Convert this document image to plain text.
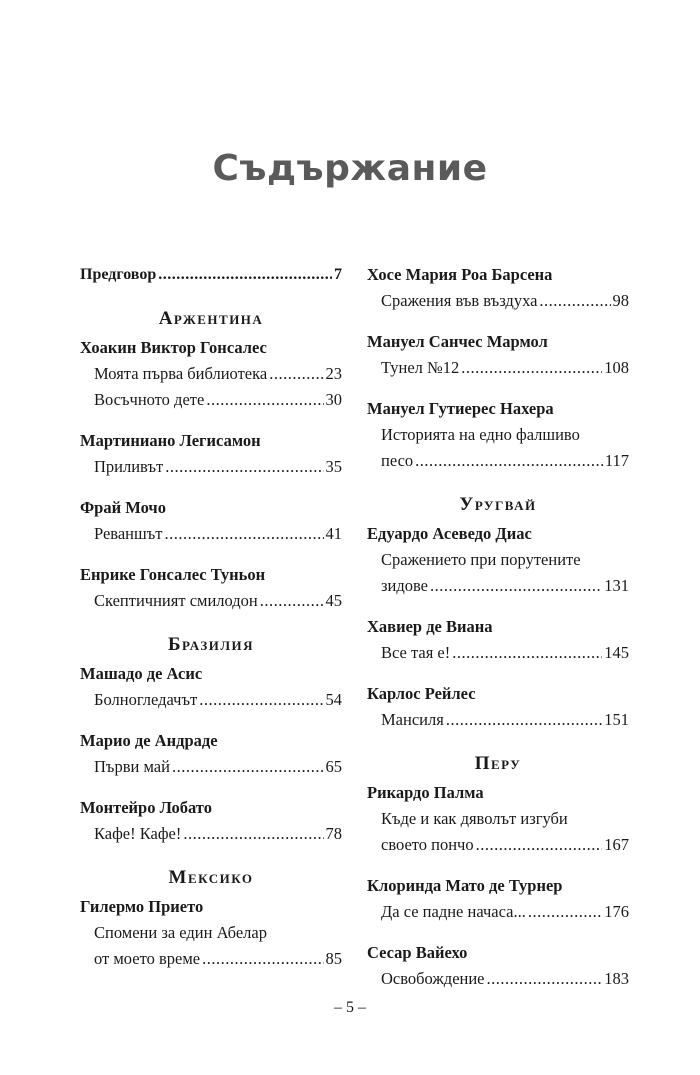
Съдържание
Предговор .....	7
Аржентина
Хоакин Виктор Гонсалес
Моята първа библиотека .....	23
Восъчното дете .....	30
Мартиниано Легисамон
Приливът .....	35
Фрай Мочо
Реваншът .....	41
Енрике Гонсалес Туньон
Скептичният смилодон .....	45
Бразилия
Машадо де Асис
Болногледачът .....	54
Марио де Андраде
Първи май .....	65
Монтейро Лобато
Кафе! Кафе! .....	78
Мексико
Гилермо Прието
Спомени за един Абелар
от моето време .....	85
Хосе Мария Роа Барсена
Сражения във въздуха .....	98
Мануел Санчес Мармол
Тунел №12 .....	108
Мануел Гутиерес Нахера
Историята на едно фалшиво
песо .....	117
Уругвай
Едуардо Асеведо Диас
Сражението при порутените
зидове .....	131
Хавиер де Виана
Все тая е! .....	145
Карлос Рейлес
Мансиля .....	151
Перу
Рикардо Палма
Къде и как дяволът изгуби
своето пончо .....	167
Клоринда Мато де Турнер
Да се падне начаса... .....	176
Сесар Вайехо
Освобождение .....	183
– 5 –
